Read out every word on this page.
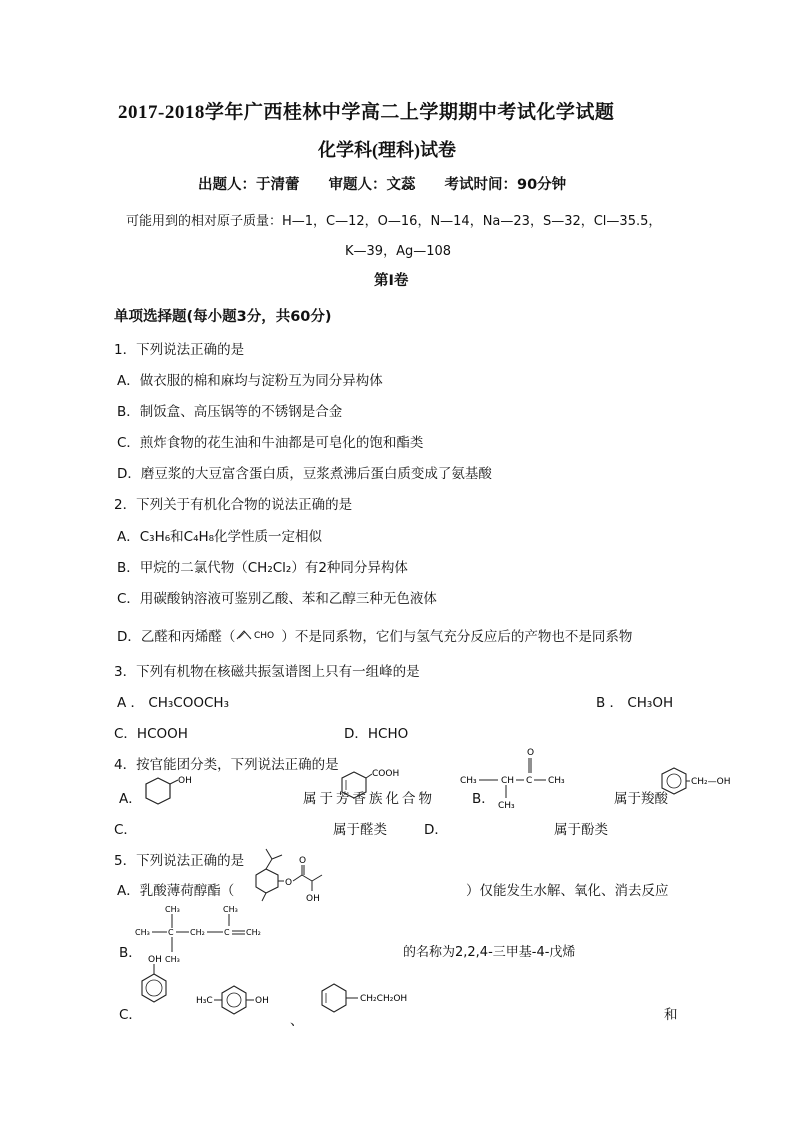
2017-2018学年广西桂林中学高二上学期期中考试化学试题
化学科(理科)试卷
出题人：于清蕾　　审题人：文蕊　　考试时间：90分钟
可能用到的相对原子质量：H—1，C—12，O—16，N—14，Na—23，S—32，Cl—35.5，
K—39，Ag—108
第Ⅰ卷
单项选择题(每小题3分，共60分)
1．下列说法正确的是
A．做衣服的棉和麻均与淀粉互为同分异构体
B．制饭盒、高压锅等的不锈钢是合金
C．煎炸食物的花生油和牛油都是可皂化的饱和酯类
D．磨豆浆的大豆富含蛋白质，豆浆煮沸后蛋白质变成了氨基酸
2．下列关于有机化合物的说法正确的是
A．C₃H₆和C₄H₈化学性质一定相似
B．甲烷的二氯代物（CH₂Cl₂）有2种同分异构体
C．用碳酸钠溶液可鉴别乙酸、苯和乙醇三种无色液体
D．乙醛和丙烯醛（ CHO ）不是同系物，它们与氢气充分反应后的产物也不是同系物
3．下列有机物在核磁共振氢谱图上只有一组峰的是
A ． CH₃COOCH₃	B ． CH₃OH
C．HCOOH	D．HCHO
4．按官能团分类，下列说法正确的是
A．
OH
属于芳香族化合物
COOH
B．
CH₃	CH C CH₃
O
CH₃
CH₂—OH
属于羧酸
C．	属于醛类	D．	属于酚类
5．下列说法正确的是
A．乳酸薄荷醇酯（	O
O
OH	）仅能发生水解、氧化、消去反应
B．
CH₃
CH₃ C CH₂ C
CH₃
CH₂
CH₃	的名称为2,2,4-三甲基-4-戊烯
C．
OH
H₃C	OH
、
CH₂CH₂OH
和
